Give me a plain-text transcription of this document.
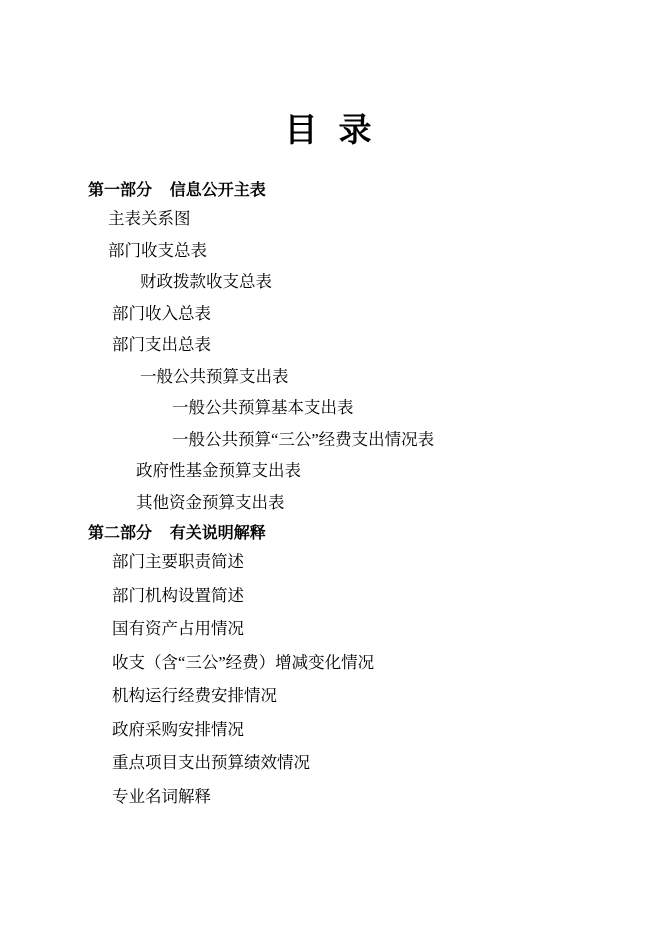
目 录
第一部分    信息公开主表
主表关系图
部门收支总表
财政拨款收支总表
部门收入总表
部门支出总表
一般公共预算支出表
一般公共预算基本支出表
一般公共预算“三公”经费支出情况表
政府性基金预算支出表
其他资金预算支出表
第二部分    有关说明解释
部门主要职责简述
部门机构设置简述
国有资产占用情况
收支（含“三公”经费）增减变化情况
机构运行经费安排情况
政府采购安排情况
重点项目支出预算绩效情况
专业名词解释
